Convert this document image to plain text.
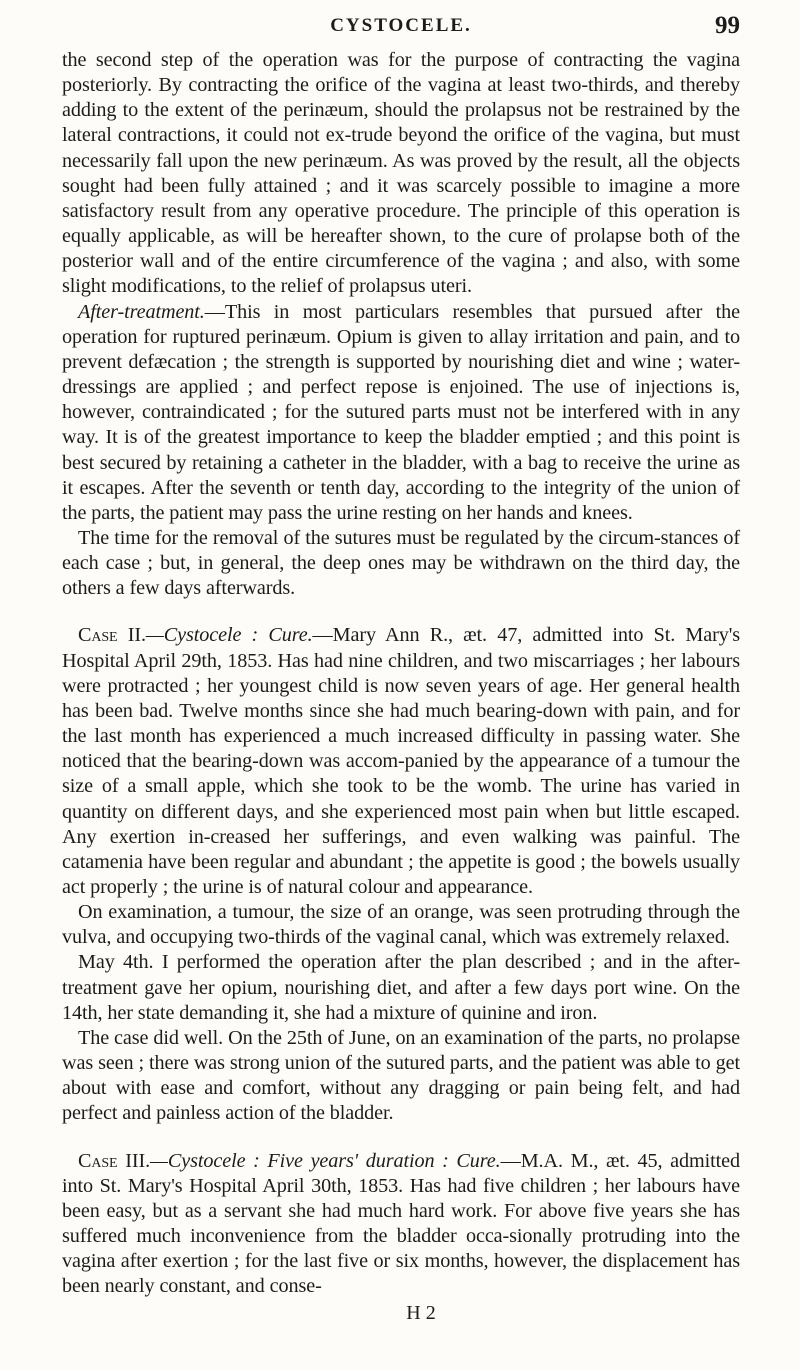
CYSTOCELE.	99

the second step of the operation was for the purpose of contracting the vagina posteriorly. By contracting the orifice of the vagina at least two-thirds, and thereby adding to the extent of the perinæum, should the prolapsus not be restrained by the lateral contractions, it could not ex-trude beyond the orifice of the vagina, but must necessarily fall upon the new perinæum. As was proved by the result, all the objects sought had been fully attained ; and it was scarcely possible to imagine a more satisfactory result from any operative procedure. The principle of this operation is equally applicable, as will be hereafter shown, to the cure of prolapse both of the posterior wall and of the entire circumference of the vagina ; and also, with some slight modifications, to the relief of prolapsus uteri.

After-treatment.—This in most particulars resembles that pursued after the operation for ruptured perinæum. Opium is given to allay irritation and pain, and to prevent defæcation ; the strength is supported by nourishing diet and wine ; water-dressings are applied ; and perfect repose is enjoined. The use of injections is, however, contraindicated ; for the sutured parts must not be interfered with in any way. It is of the greatest importance to keep the bladder emptied ; and this point is best secured by retaining a catheter in the bladder, with a bag to receive the urine as it escapes. After the seventh or tenth day, according to the integrity of the union of the parts, the patient may pass the urine resting on her hands and knees.

The time for the removal of the sutures must be regulated by the circum-stances of each case ; but, in general, the deep ones may be withdrawn on the third day, the others a few days afterwards.

Case II.—Cystocele : Cure.—Mary Ann R., æt. 47, admitted into St. Mary's Hospital April 29th, 1853. Has had nine children, and two miscarriages ; her labours were protracted ; her youngest child is now seven years of age. Her general health has been bad. Twelve months since she had much bearing-down with pain, and for the last month has experienced a much increased difficulty in passing water. She noticed that the bearing-down was accom-panied by the appearance of a tumour the size of a small apple, which she took to be the womb. The urine has varied in quantity on different days, and she experienced most pain when but little escaped. Any exertion in-creased her sufferings, and even walking was painful. The catamenia have been regular and abundant ; the appetite is good ; the bowels usually act properly ; the urine is of natural colour and appearance.

On examination, a tumour, the size of an orange, was seen protruding through the vulva, and occupying two-thirds of the vaginal canal, which was extremely relaxed.

May 4th. I performed the operation after the plan described ; and in the after-treatment gave her opium, nourishing diet, and after a few days port wine. On the 14th, her state demanding it, she had a mixture of quinine and iron.

The case did well. On the 25th of June, on an examination of the parts, no prolapse was seen ; there was strong union of the sutured parts, and the patient was able to get about with ease and comfort, without any dragging or pain being felt, and had perfect and painless action of the bladder.

Case III.—Cystocele : Five years' duration : Cure.—M.A. M., æt. 45, admitted into St. Mary's Hospital April 30th, 1853. Has had five children ; her labours have been easy, but as a servant she had much hard work. For above five years she has suffered much inconvenience from the bladder occa-sionally protruding into the vagina after exertion ; for the last five or six months, however, the displacement has been nearly constant, and conse-

H 2
